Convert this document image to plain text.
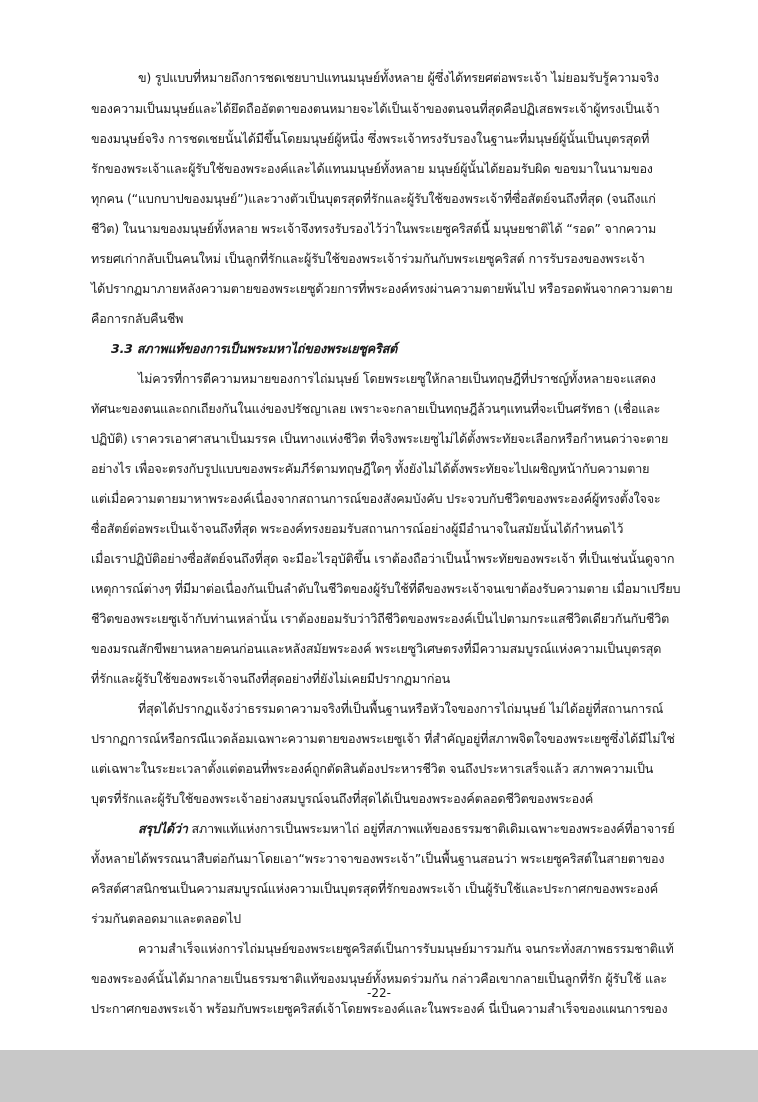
ข) รูปแบบที่หมายถึงการชดเชยบาปแทนมนุษย์ทั้งหลาย ผู้ซึ่งได้ทรยศต่อพระเจ้า ไม่ยอมรับรู้ความจริง
ของความเป็นมนุษย์และได้ยึดถืออัตตาของตนหมายจะได้เป็นเจ้าของตนจนที่สุดคือปฏิเสธพระเจ้าผู้ทรงเป็นเจ้า
ของมนุษย์จริง การชดเชยนั้นได้มีขึ้นโดยมนุษย์ผู้หนึ่ง ซึ่งพระเจ้าทรงรับรองในฐานะที่มนุษย์ผู้นั้นเป็นบุตรสุดที่
รักของพระเจ้าและผู้รับใช้ของพระองค์และได้แทนมนุษย์ทั้งหลาย มนุษย์ผู้นั้นได้ยอมรับผิด ขอขมาในนามของ
ทุกคน (“แบกบาปของมนุษย์”)และวางตัวเป็นบุตรสุดที่รักและผู้รับใช้ของพระเจ้าที่ซื่อสัตย์จนถึงที่สุด (จนถึงแก่
ชีวิต) ในนามของมนุษย์ทั้งหลาย พระเจ้าจึงทรงรับรองไว้ว่าในพระเยซูคริสต์นี้ มนุษยชาติได้ “รอด” จากความ
ทรยศเก่ากลับเป็นคนใหม่ เป็นลูกที่รักและผู้รับใช้ของพระเจ้าร่วมกันกับพระเยซูคริสต์ การรับรองของพระเจ้า
ได้ปรากฏมาภายหลังความตายของพระเยซูด้วยการที่พระองค์ทรงผ่านความตายพ้นไป หรือรอดพ้นจากความตาย
คือการกลับคืนชีพ
3.3 สภาพแท้ของการเป็นพระมหาไถ่ของพระเยซูคริสต์
ไม่ควรที่การตีความหมายของการไถ่มนุษย์ โดยพระเยซูให้กลายเป็นทฤษฎีที่ปราชญ์ทั้งหลายจะแสดง
ทัศนะของตนและถกเถียงกันในแง่ของปรัชญาเลย เพราะจะกลายเป็นทฤษฎีล้วนๆแทนที่จะเป็นศรัทธา (เชื่อและ
ปฏิบัติ) เราควรเอาศาสนาเป็นมรรค เป็นทางแห่งชีวิต ที่จริงพระเยซูไม่ได้ตั้งพระทัยจะเลือกหรือกำหนดว่าจะตาย
อย่างไร เพื่อจะตรงกับรูปแบบของพระคัมภีร์ตามทฤษฎีใดๆ ทั้งยังไม่ได้ตั้งพระทัยจะไปเผชิญหน้ากับความตาย
แต่เมื่อความตายมาหาพระองค์เนื่องจากสถานการณ์ของสังคมบังคับ ประจวบกับชีวิตของพระองค์ผู้ทรงตั้งใจจะ
ซื่อสัตย์ต่อพระเป็นเจ้าจนถึงที่สุด พระองค์ทรงยอมรับสถานการณ์อย่างผู้มีอำนาจในสมัยนั้นได้กำหนดไว้
เมื่อเราปฏิบัติอย่างซื่อสัตย์จนถึงที่สุด จะมีอะไรอุบัติขึ้น เราต้องถือว่าเป็นน้ำพระทัยของพระเจ้า ที่เป็นเช่นนั้นดูจาก
เหตุการณ์ต่างๆ ที่มีมาต่อเนื่องกันเป็นลำดับในชีวิตของผู้รับใช้ที่ดีของพระเจ้าจนเขาต้องรับความตาย เมื่อมาเปรียบ
ชีวิตของพระเยซูเจ้ากับท่านเหล่านั้น เราต้องยอมรับว่าวิถีชีวิตของพระองค์เป็นไปตามกระแสชีวิตเดียวกันกับชีวิต
ของมรณสักขีพยานหลายคนก่อนและหลังสมัยพระองค์ พระเยซูวิเศษตรงที่มีความสมบูรณ์แห่งความเป็นบุตรสุด
ที่รักและผู้รับใช้ของพระเจ้าจนถึงที่สุดอย่างที่ยังไม่เคยมีปรากฏมาก่อน
ที่สุดได้ปรากฏแจ้งว่าธรรมดาความจริงที่เป็นพื้นฐานหรือหัวใจของการไถ่มนุษย์ ไม่ได้อยู่ที่สถานการณ์
ปรากฏการณ์หรือกรณีแวดล้อมเฉพาะความตายของพระเยซูเจ้า ที่สำคัญอยู่ที่สภาพจิตใจของพระเยซูซึ่งได้มีไม่ใช่
แต่เฉพาะในระยะเวลาตั้งแต่ตอนที่พระองค์ถูกตัดสินต้องประหารชีวิต จนถึงประหารเสร็จแล้ว สภาพความเป็น
บุตรที่รักและผู้รับใช้ของพระเจ้าอย่างสมบูรณ์จนถึงที่สุดได้เป็นของพระองค์ตลอดชีวิตของพระองค์
สรุปได้ว่า สภาพแท้แห่งการเป็นพระมหาไถ่ อยู่ที่สภาพแท้ของธรรมชาติเดิมเฉพาะของพระองค์ที่อาจารย์
ทั้งหลายได้พรรณนาสืบต่อกันมาโดยเอา“พระวาจาของพระเจ้า”เป็นพื้นฐานสอนว่า พระเยซูคริสต์ในสายตาของ
คริสต์ศาสนิกชนเป็นความสมบูรณ์แห่งความเป็นบุตรสุดที่รักของพระเจ้า เป็นผู้รับใช้และประกาศกของพระองค์
ร่วมกันตลอดมาและตลอดไป
ความสำเร็จแห่งการไถ่มนุษย์ของพระเยซูคริสต์เป็นการรับมนุษย์มารวมกัน จนกระทั่งสภาพธรรมชาติแท้
ของพระองค์นั้นได้มากลายเป็นธรรมชาติแท้ของมนุษย์ทั้งหมดร่วมกัน กล่าวคือเขากลายเป็นลูกที่รัก ผู้รับใช้ และ
ประกาศกของพระเจ้า พร้อมกับพระเยซูคริสต์เจ้าโดยพระองค์และในพระองค์ นี่เป็นความสำเร็จของแผนการของ
-22-
